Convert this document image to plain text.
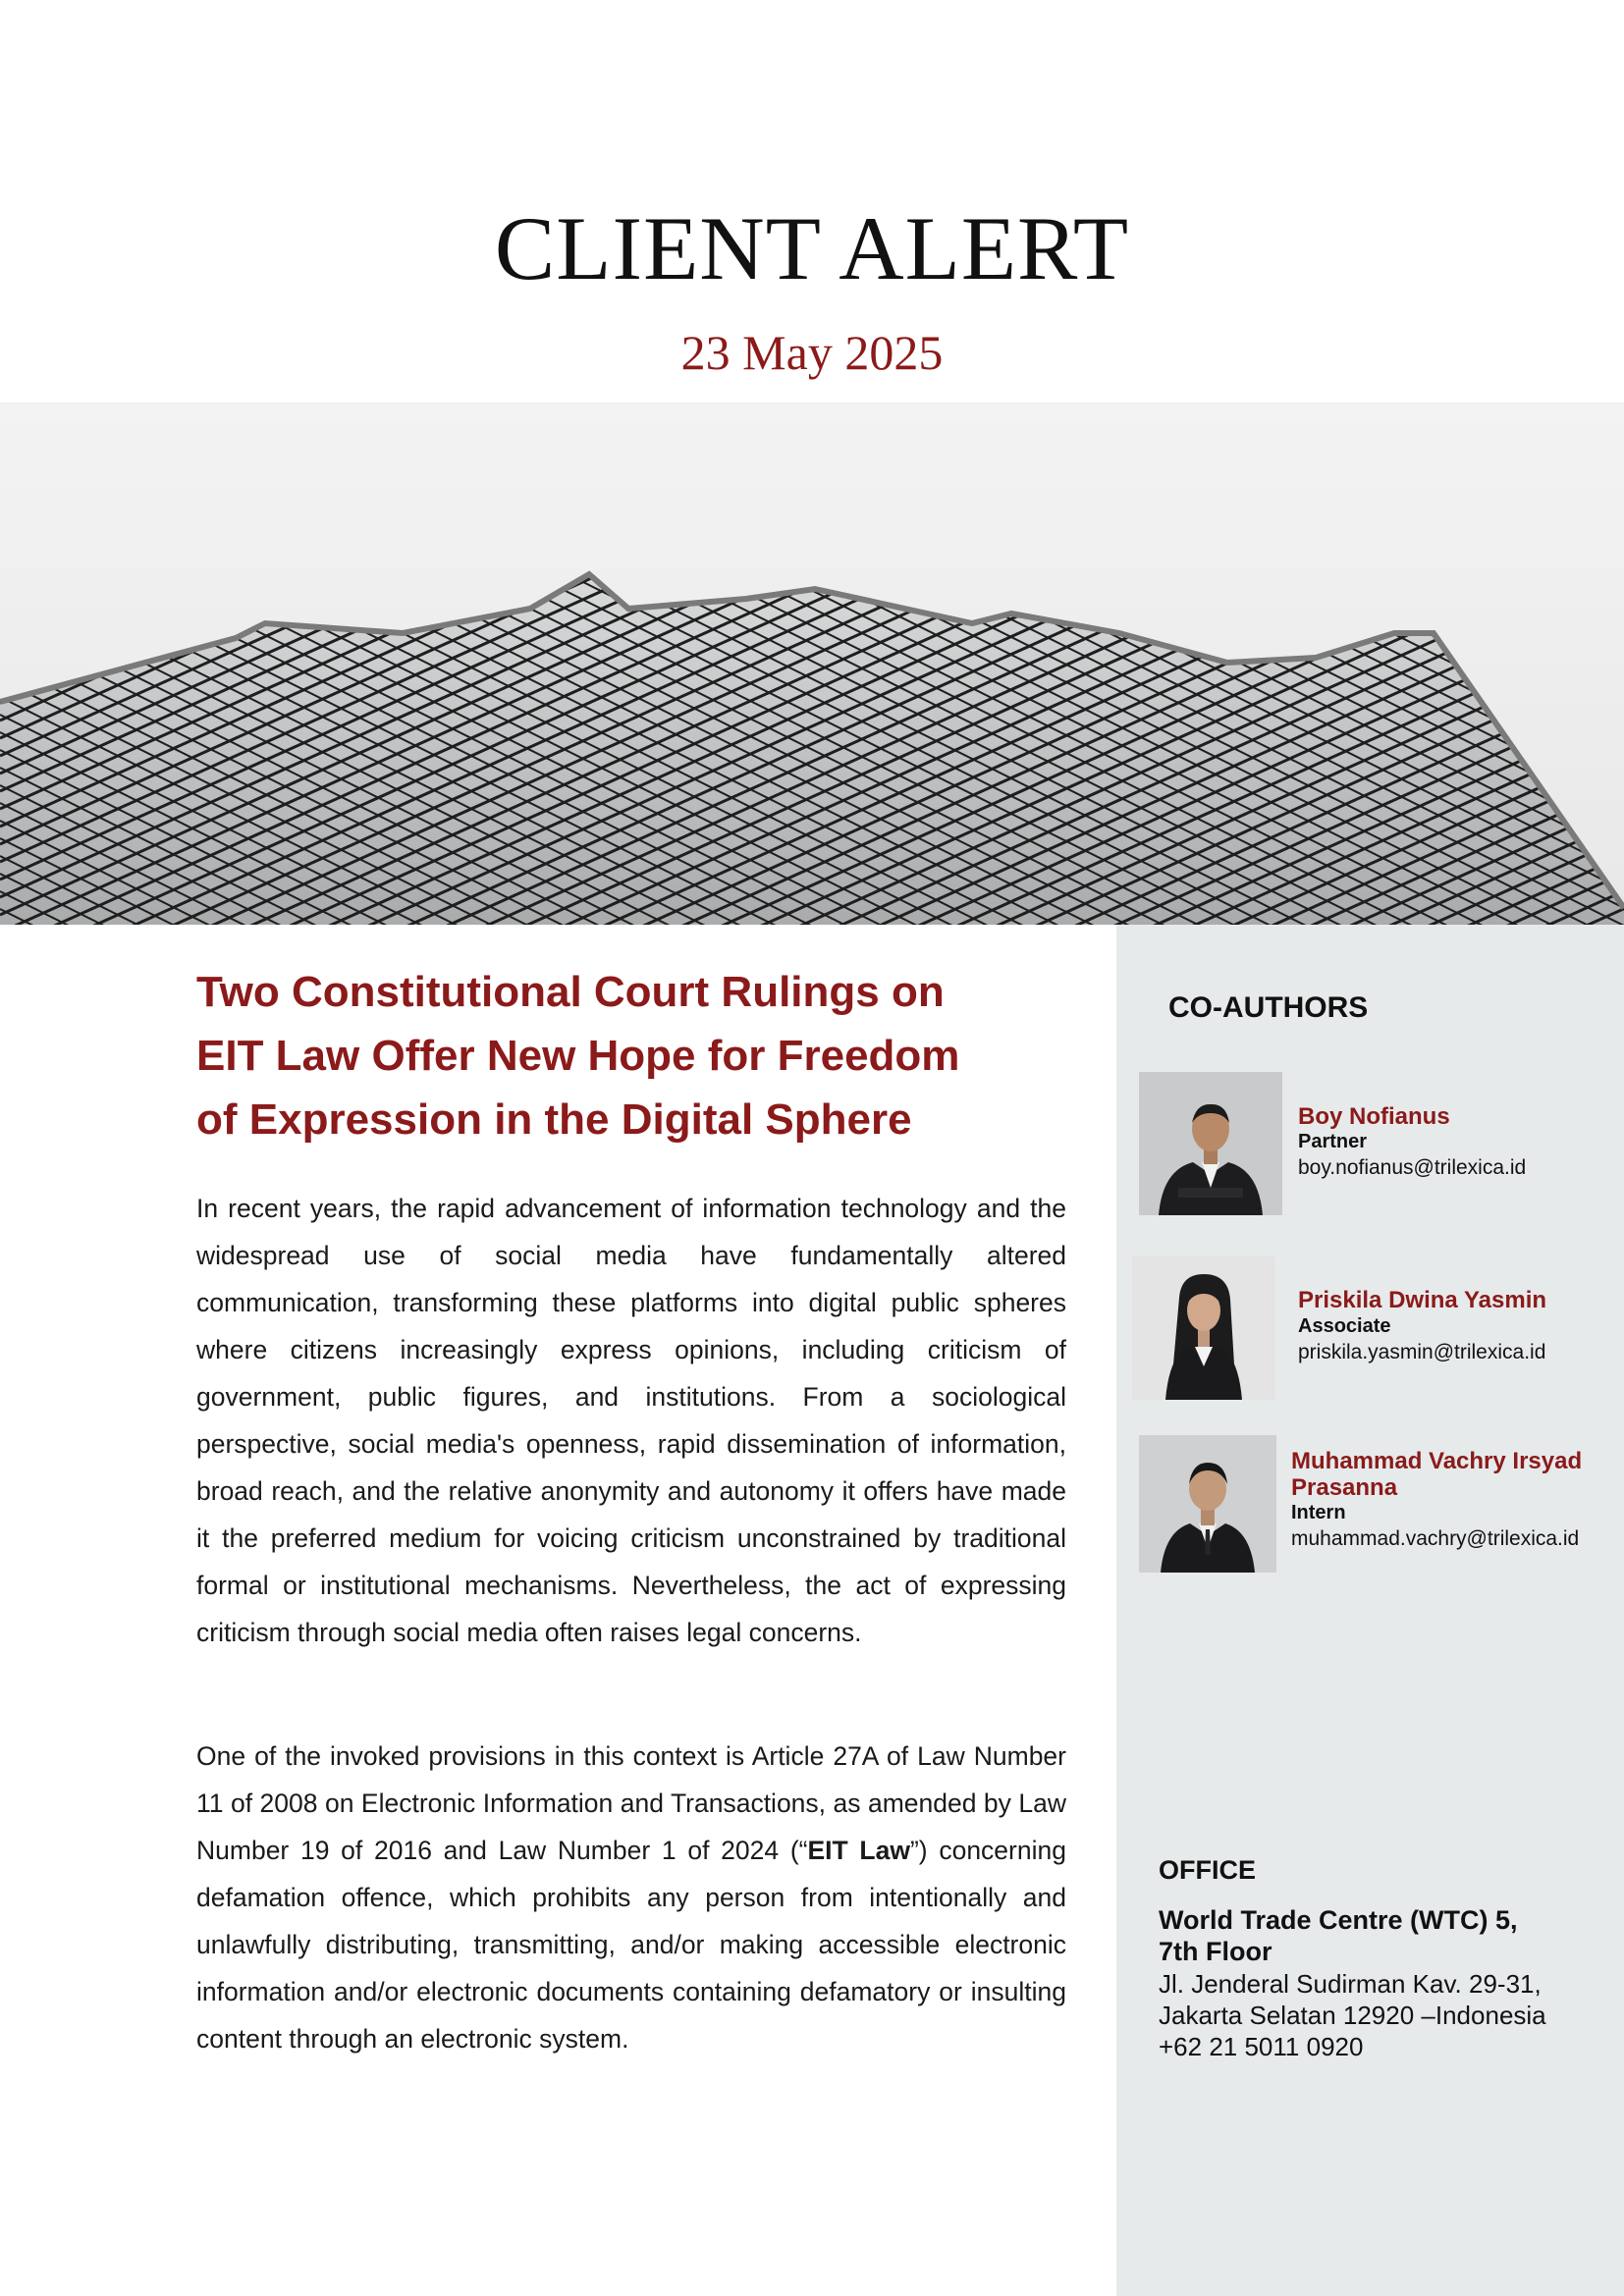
CLIENT ALERT
23 May 2025
Two Constitutional Court Rulings on
EIT Law Offer New Hope for Freedom
of Expression in the Digital Sphere

In recent years, the rapid advancement of information technology and the widespread use of social media have fundamentally altered communication, transforming these platforms into digital public spheres where citizens increasingly express opinions, including criticism of government, public figures, and institutions. From a sociological perspective, social media's openness, rapid dissemination of information, broad reach, and the relative anonymity and autonomy it offers have made it the preferred medium for voicing criticism unconstrained by traditional formal or institutional mechanisms. Nevertheless, the act of expressing criticism through social media often raises legal concerns.

One of the invoked provisions in this context is Article 27A of Law Number 11 of 2008 on Electronic Information and Transactions, as amended by Law Number 19 of 2016 and Law Number 1 of 2024 (“EIT Law”) concerning defamation offence, which prohibits any person from intentionally and unlawfully distributing, transmitting, and/or making accessible electronic information and/or electronic documents containing defamatory or insulting content through an electronic system.

CO-AUTHORS
Boy Nofianus
Partner
boy.nofianus@trilexica.id
Priskila Dwina Yasmin
Associate
priskila.yasmin@trilexica.id
Muhammad Vachry Irsyad
Prasanna
Intern
muhammad.vachry@trilexica.id
OFFICE
World Trade Centre (WTC) 5,
7th Floor
Jl. Jenderal Sudirman Kav. 29-31,
Jakarta Selatan 12920 –Indonesia
+62 21 5011 0920
